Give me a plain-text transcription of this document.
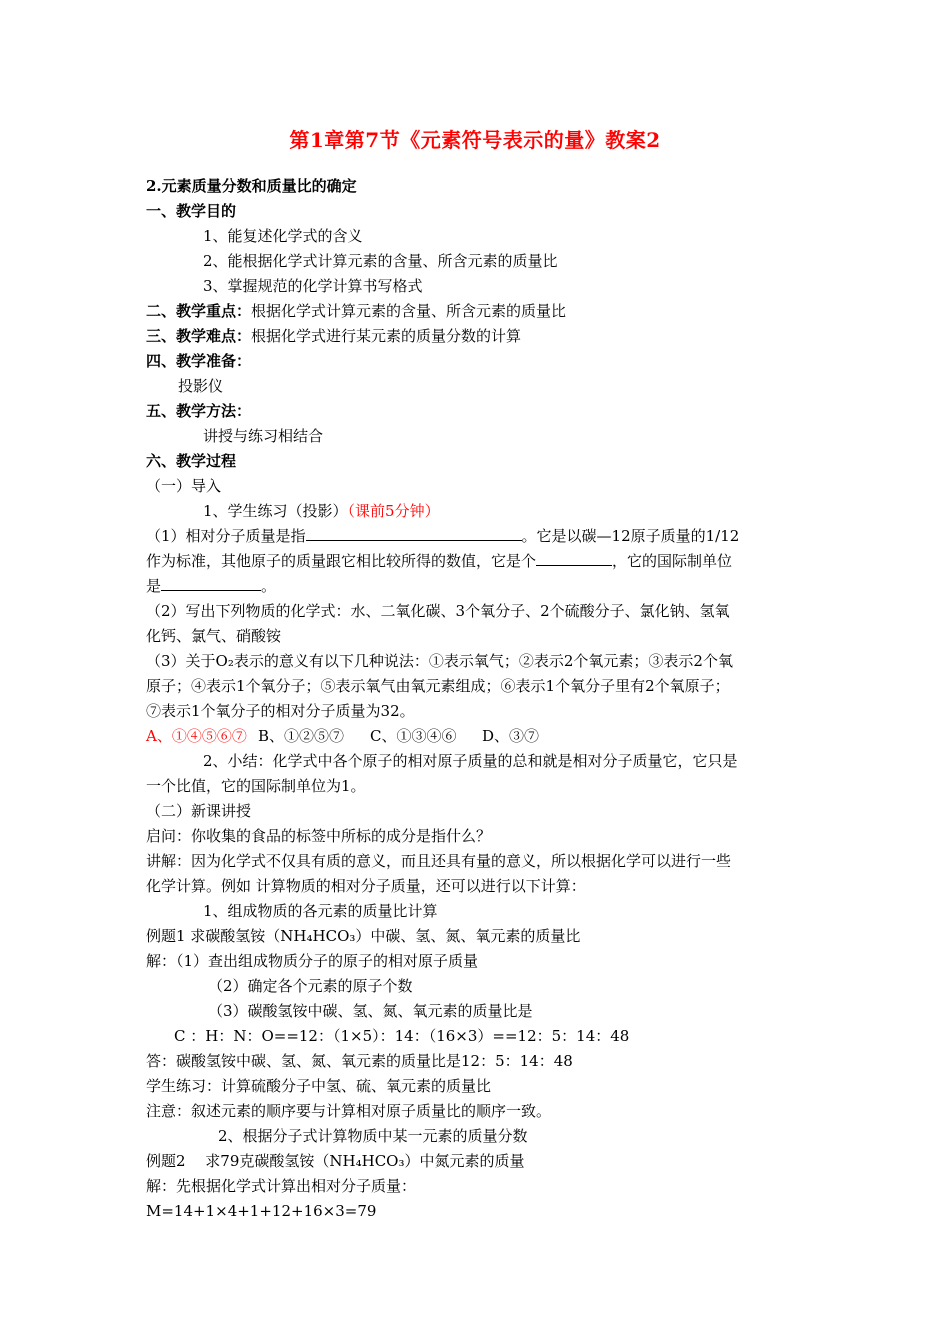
第1章第7节《元素符号表示的量》教案2
2.元素质量分数和质量比的确定
一、教学目的
1、能复述化学式的含义
2、能根据化学式计算元素的含量、所含元素的质量比
3、掌握规范的化学计算书写格式
二、教学重点：根据化学式计算元素的含量、所含元素的质量比
三、教学难点：根据化学式进行某元素的质量分数的计算
四、教学准备：
投影仪
五、教学方法：
讲授与练习相结合
六、教学过程
（一）导入
1、学生练习（投影）（课前5分钟）
（1）相对分子质量是指	。它是以碳—12原子质量的1/12
作为标准，其他原子的质量跟它相比较所得的数值，它是个	，它的国际制单位
是	。
（2）写出下列物质的化学式：水、二氧化碳、3个氧分子、2个硫酸分子、氯化钠、氢氧
化钙、氯气、硝酸铵
（3）关于O₂表示的意义有以下几种说法：①表示氧气；②表示2个氧元素；③表示2个氧
原子；④表示1个氧分子；⑤表示氧气由氧元素组成；⑥表示1个氧分子里有2个氧原子；
⑦表示1个氧分子的相对分子质量为32。
A、①④⑤⑥⑦ B、①②⑤⑦ C、①③④⑥ D、③⑦
2、小结：化学式中各个原子的相对原子质量的总和就是相对分子质量它，它只是
一个比值，它的国际制单位为1。
（二）新课讲授
启问：你收集的食品的标签中所标的成分是指什么？
讲解：因为化学式不仅具有质的意义，而且还具有量的意义，所以根据化学可以进行一些
化学计算。例如 计算物质的相对分子质量，还可以进行以下计算：
1、组成物质的各元素的质量比计算
例题1 求碳酸氢铵（NH₄HCO₃）中碳、氢、氮、氧元素的质量比
解：（1）查出组成物质分子的原子的相对原子质量
（2）确定各个元素的原子个数
（3）碳酸氢铵中碳、氢、氮、氧元素的质量比是
C ：H：N：O==12：（1×5）：14：（16×3）==12：5：14：48
答：碳酸氢铵中碳、氢、氮、氧元素的质量比是12：5：14：48
学生练习：计算硫酸分子中氢、硫、氧元素的质量比
注意：叙述元素的顺序要与计算相对原子质量比的顺序一致。
2、根据分子式计算物质中某一元素的质量分数
例题2　 求79克碳酸氢铵（NH₄HCO₃）中氮元素的质量
解：先根据化学式计算出相对分子质量：
M=14+1×4+1+12+16×3=79
